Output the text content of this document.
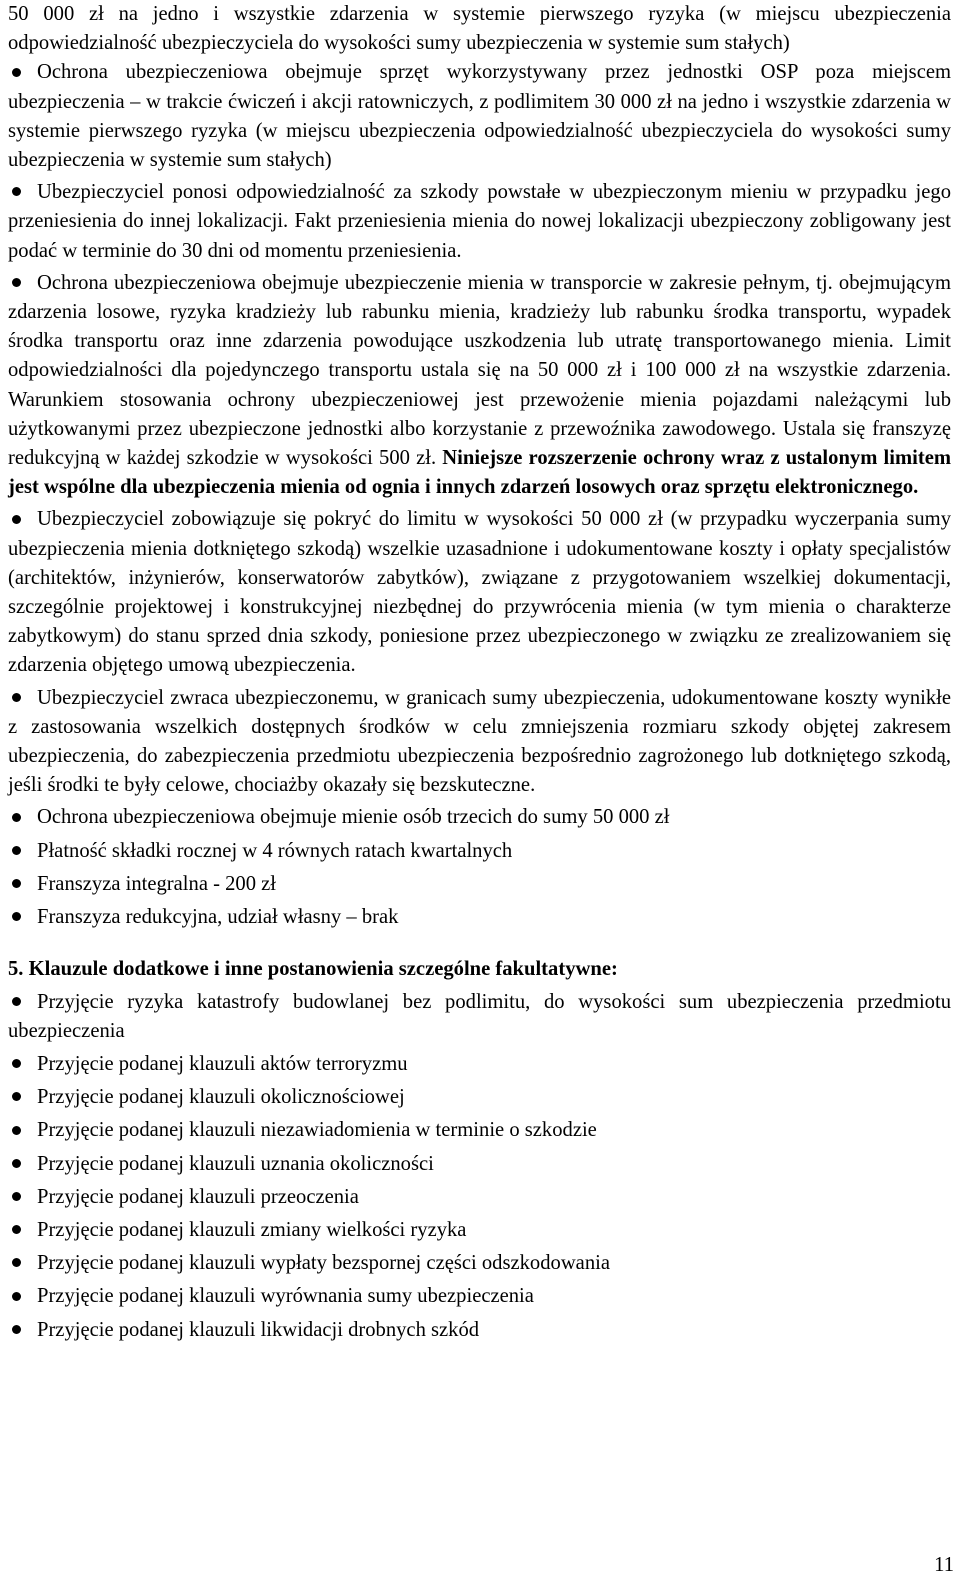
50 000 zł na jedno i wszystkie zdarzenia w systemie pierwszego ryzyka (w miejscu ubezpieczenia odpowiedzialność ubezpieczyciela do wysokości sumy ubezpieczenia w systemie sum stałych)

Ochrona ubezpieczeniowa obejmuje sprzęt wykorzystywany przez jednostki OSP poza miejscem ubezpieczenia – w trakcie ćwiczeń i akcji ratowniczych, z podlimitem 30 000 zł na jedno i wszystkie zdarzenia w systemie pierwszego ryzyka (w miejscu ubezpieczenia odpowiedzialność ubezpieczyciela do wysokości sumy ubezpieczenia w systemie sum stałych)
Ubezpieczyciel ponosi odpowiedzialność za szkody powstałe w ubezpieczonym mieniu w przypadku jego przeniesienia do innej lokalizacji. Fakt przeniesienia mienia do nowej lokalizacji ubezpieczony zobligowany jest podać w terminie do 30 dni od momentu przeniesienia.
Ochrona ubezpieczeniowa obejmuje ubezpieczenie mienia w transporcie w zakresie pełnym, tj. obejmującym zdarzenia losowe, ryzyka kradzieży lub rabunku mienia, kradzieży lub rabunku środka transportu, wypadek środka transportu oraz inne zdarzenia powodujące uszkodzenia lub utratę transportowanego mienia. Limit odpowiedzialności dla pojedynczego transportu ustala się na 50 000 zł i 100 000 zł na wszystkie zdarzenia. Warunkiem stosowania ochrony ubezpieczeniowej jest przewożenie mienia pojazdami należącymi lub użytkowanymi przez ubezpieczone jednostki albo korzystanie z przewoźnika zawodowego. Ustala się franszyzę redukcyjną w każdej szkodzie w wysokości 500 zł. Niniejsze rozszerzenie ochrony wraz z ustalonym limitem jest wspólne dla ubezpieczenia mienia od ognia i innych zdarzeń losowych oraz sprzętu elektronicznego.
Ubezpieczyciel zobowiązuje się pokryć do limitu w wysokości 50 000 zł (w przypadku wyczerpania sumy ubezpieczenia mienia dotkniętego szkodą) wszelkie uzasadnione i udokumentowane koszty i opłaty specjalistów (architektów, inżynierów, konserwatorów zabytków), związane z przygotowaniem wszelkiej dokumentacji, szczególnie projektowej i konstrukcyjnej niezbędnej do przywrócenia mienia (w tym mienia o charakterze zabytkowym) do stanu sprzed dnia szkody, poniesione przez ubezpieczonego w związku ze zrealizowaniem się zdarzenia objętego umową ubezpieczenia.
Ubezpieczyciel zwraca ubezpieczonemu, w granicach sumy ubezpieczenia, udokumentowane koszty wynikłe z zastosowania wszelkich dostępnych środków w celu zmniejszenia rozmiaru szkody objętej zakresem ubezpieczenia, do zabezpieczenia przedmiotu ubezpieczenia bezpośrednio zagrożonego lub dotkniętego szkodą, jeśli środki te były celowe, chociażby okazały się bezskuteczne.
Ochrona ubezpieczeniowa obejmuje mienie osób trzecich do sumy 50 000 zł
Płatność składki rocznej w 4 równych ratach kwartalnych
Franszyza integralna - 200 zł
Franszyza redukcyjna, udział własny – brak

5. Klauzule dodatkowe i inne postanowienia szczególne fakultatywne:

Przyjęcie ryzyka katastrofy budowlanej bez podlimitu, do wysokości sum ubezpieczenia przedmiotu ubezpieczenia
Przyjęcie podanej klauzuli aktów terroryzmu
Przyjęcie podanej klauzuli okolicznościowej
Przyjęcie podanej klauzuli niezawiadomienia w terminie o szkodzie
Przyjęcie podanej klauzuli uznania okoliczności
Przyjęcie podanej klauzuli przeoczenia
Przyjęcie podanej klauzuli zmiany wielkości ryzyka
Przyjęcie podanej klauzuli wypłaty bezspornej części odszkodowania
Przyjęcie podanej klauzuli wyrównania sumy ubezpieczenia
Przyjęcie podanej klauzuli likwidacji drobnych szkód
11
